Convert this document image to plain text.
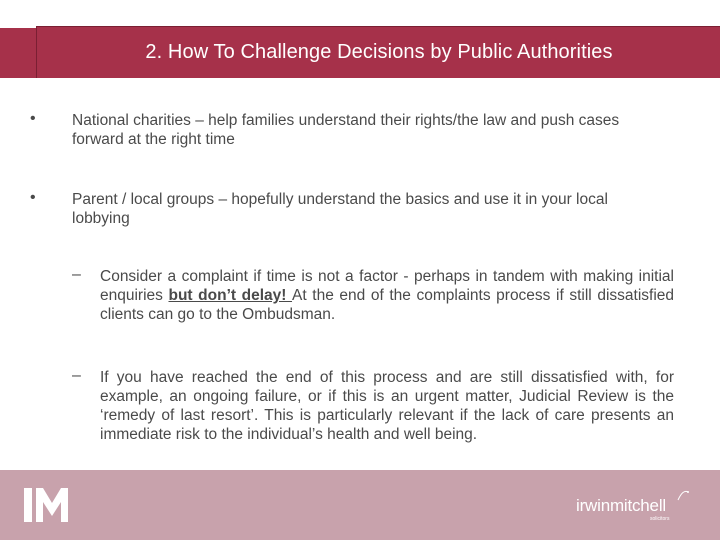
2. How To Challenge Decisions by Public Authorities
• National charities – help families understand their rights/the law and push cases
forward at the right time
• Parent / local groups – hopefully understand the basics and use it in your local
lobbying
– Consider a complaint if time is not a factor - perhaps in tandem with making initial enquiries but don’t delay! At the end of the complaints process if still dissatisfied clients can go to the Ombudsman.
– If you have reached the end of this process and are still dissatisfied with, for example, an ongoing failure, or if this is an urgent matter, Judicial Review is the ‘remedy of last resort’. This is particularly relevant if the lack of care presents an immediate risk to the individual’s health and well being.
irwinmitchell
solicitors
